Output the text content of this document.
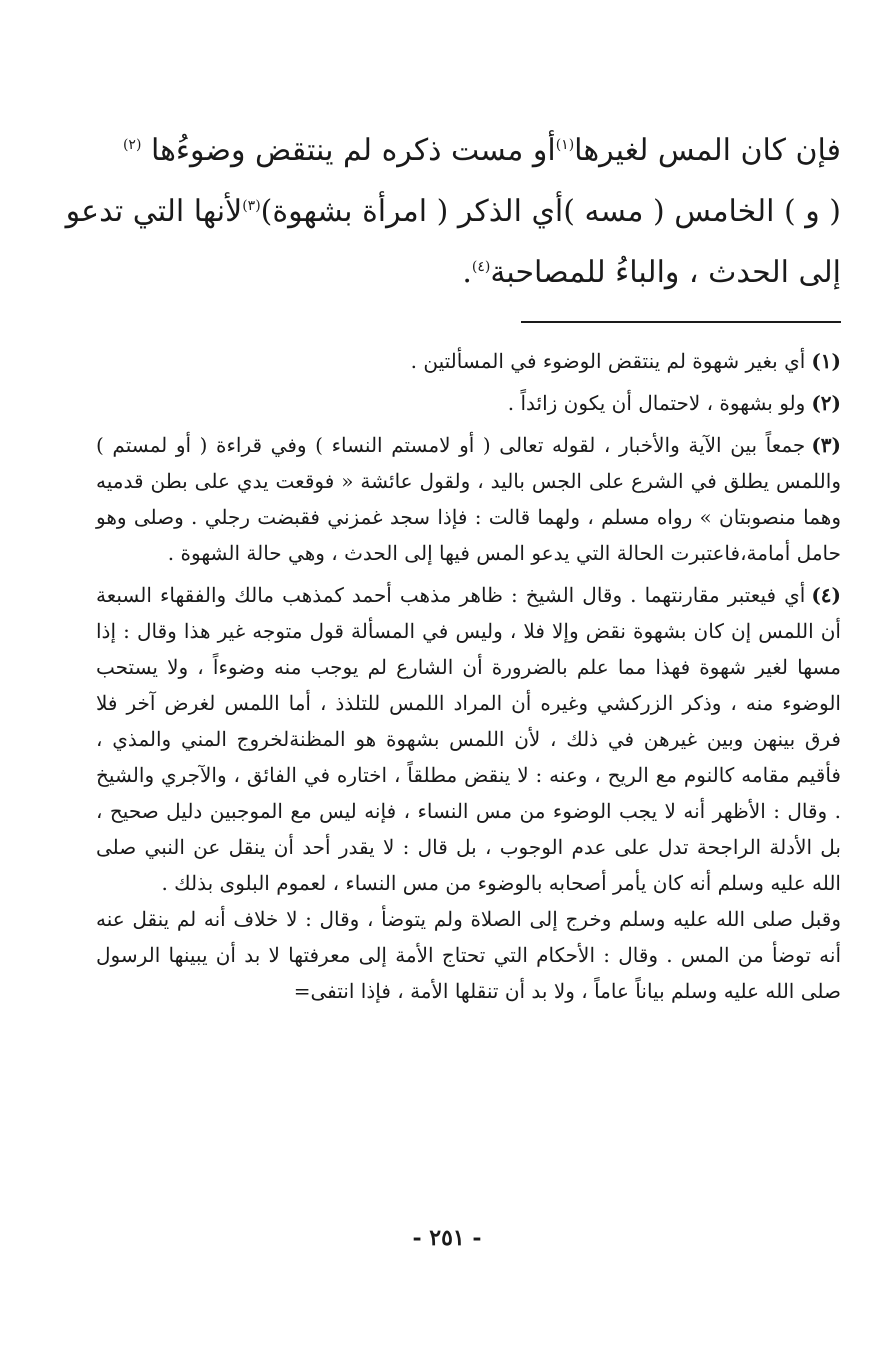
فإن كان المس لغيرها$^{(١)}$أو مست ذكره لم ينتقض وضوءُها $^{(٢)}$
( و ) الخامس ( مسه )أي الذكر ( امرأة بشهوة)$^{(٣)}$لأنها التي تدعو
إلى الحدث ، والباءُ للمصاحبة$^{(٤)}$.

(١)أي بغير شهوة لم ينتقض الوضوء في المسألتين .

(٢)ولو بشهوة ، لاحتمال أن يكون زائداً .

(٣)جمعاً بين الآية والأخبار ، لقوله تعالى ( أو لامستم النساء ) وفي قراءة ( أو لمستم ) واللمس يطلق في الشرع على الجس باليد ، ولقول عائشة « فوقعت يدي على بطن قدميه وهما منصوبتان » رواه مسلم ، ولهما قالت : فإذا سجد غمزني فقبضت رجلي . وصلى وهو حامل أمامة،فاعتبرت الحالة التي يدعو المس فيها إلى الحدث ، وهي حالة الشهوة .

(٤)أي فيعتبر مقارنتهما . وقال الشيخ : ظاهر مذهب أحمد كمذهب مالك والفقهاء السبعة أن اللمس إن كان بشهوة نقض وإلا فلا ، وليس في المسألة قول متوجه غير هذا وقال : إذا مسها لغير شهوة فهذا مما علم بالضرورة أن الشارع لم يوجب منه وضوءاً ، ولا يستحب الوضوء منه ، وذكر الزركشي وغيره أن المراد اللمس للتلذذ ، أما اللمس لغرض آخر فلا فرق بينهن وبين غيرهن في ذلك ، لأن اللمس بشهوة هو المظنةلخروج المني والمذي ، فأقيم مقامه كالنوم مع الريح ، وعنه : لا ينقض مطلقاً ، اختاره في الفائق ، والآجري والشيخ . وقال : الأظهر أنه لا يجب الوضوء من مس النساء ، فإنه ليس مع الموجبين دليل صحيح ، بل الأدلة الراجحة تدل على عدم الوجوب ، بل قال : لا يقدر أحد أن ينقل عن النبي صلى الله عليه وسلم أنه كان يأمر أصحابه بالوضوء من مس النساء ، لعموم البلوى بذلك .

وقبل صلى الله عليه وسلم وخرج إلى الصلاة ولم يتوضأ ، وقال : لا خلاف أنه لم ينقل عنه أنه توضأ من المس . وقال : الأحكام التي تحتاج الأمة إلى معرفتها لا بد أن يبينها الرسول صلى الله عليه وسلم بياناً عاماً ، ولا بد أن تنقلها الأمة ، فإذا انتفى=

- ٢٥١ -
